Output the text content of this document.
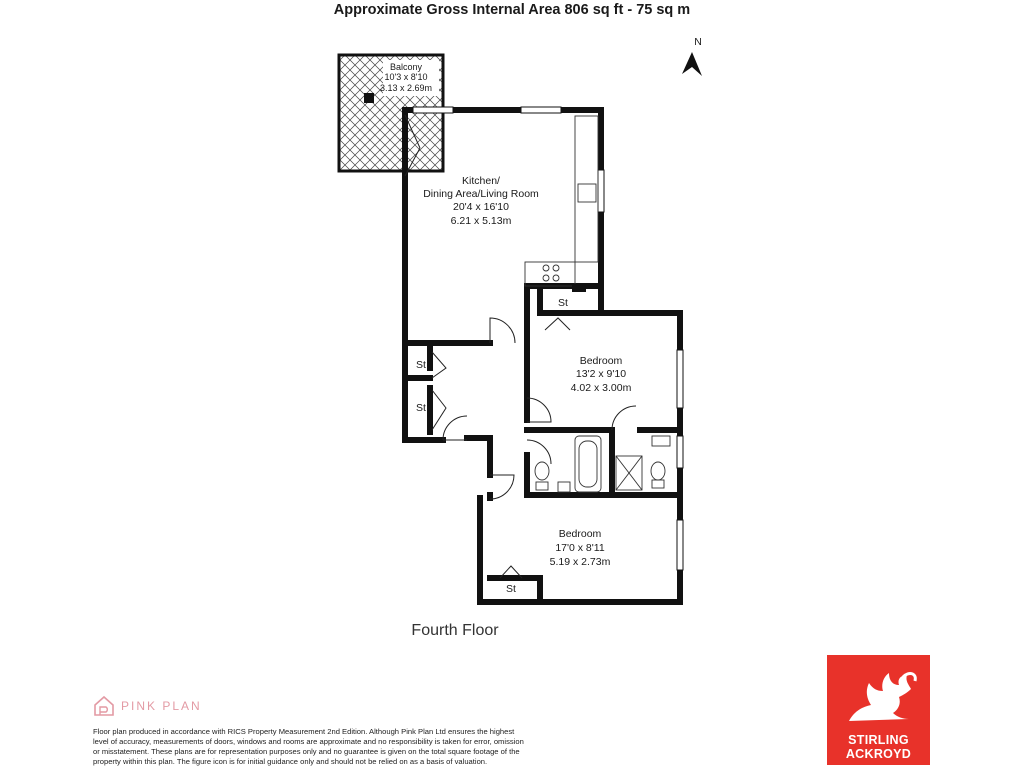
Approximate Gross Internal Area 806 sq ft - 75 sq m
N
Balcony
10'3 x 8'10
3.13 x 2.69m
Kitchen/
Dining Area/Living Room
20'4 x 16'10
6.21 x 5.13m
Bedroom
13'2 x 9'10
4.02 x 3.00m
Bedroom
17'0 x 8'11
5.19 x 2.73m
St
St
St
St
Fourth Floor
PINK PLAN
Floor plan produced in accordance with RICS Property Measurement 2nd Edition. Although Pink Plan Ltd ensures the highest
level of accuracy, measurements of doors, windows and rooms are approximate and no responsibility is taken for error, omission
or misstatement. These plans are for representation purposes only and no guarantee is given on the total square footage of the
property within this plan. The figure icon is for initial guidance only and should not be relied on as a basis of valuation.
STIRLING
ACKROYD
